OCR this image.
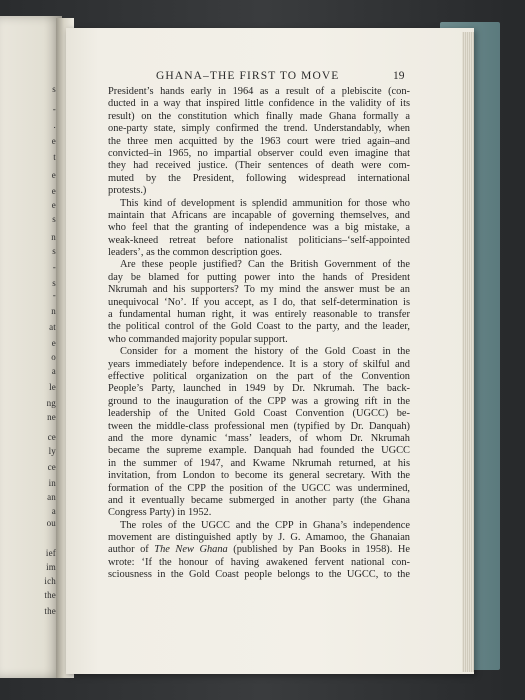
s
-
.
e
t
e
e
e
s
n
s
-
s
-
n
at
e
o
a
le
ng
ne
ce
ly
ce
in
an
a
ou
ief
im
ich
the
the
GHANA–THE FIRST TO MOVE	19
President’s hands early in 1964 as a result of a plebiscite (con-
ducted in a way that inspired little confidence in the validity of its
result) on the constitution which finally made Ghana formally a
one-party state, simply confirmed the trend. Understandably, when
the three men acquitted by the 1963 court were tried again–and
convicted–in 1965, no impartial observer could even imagine that
they had received justice. (Their sentences of death were com-
muted by the President, following widespread international
protests.)
This kind of development is splendid ammunition for those who
maintain that Africans are incapable of governing themselves, and
who feel that the granting of independence was a big mistake, a
weak-kneed retreat before nationalist politicians–‘self-appointed
leaders’, as the common description goes.
Are these people justified? Can the British Government of the
day be blamed for putting power into the hands of President
Nkrumah and his supporters? To my mind the answer must be an
unequivocal ‘No’. If you accept, as I do, that self-determination is
a fundamental human right, it was entirely reasonable to transfer
the political control of the Gold Coast to the party, and the leader,
who commanded majority popular support.
Consider for a moment the history of the Gold Coast in the
years immediately before independence. It is a story of skilful and
effective political organization on the part of the Convention
People’s Party, launched in 1949 by Dr. Nkrumah. The back-
ground to the inauguration of the CPP was a growing rift in the
leadership of the United Gold Coast Convention (UGCC) be-
tween the middle-class professional men (typified by Dr. Danquah)
and the more dynamic ‘mass’ leaders, of whom Dr. Nkrumah
became the supreme example. Danquah had founded the UGCC
in the summer of 1947, and Kwame Nkrumah returned, at his
invitation, from London to become its general secretary. With the
formation of the CPP the position of the UGCC was undermined,
and it eventually became submerged in another party (the Ghana
Congress Party) in 1952.
The roles of the UGCC and the CPP in Ghana’s independence
movement are distinguished aptly by J. G. Amamoo, the Ghanaian
author of The New Ghana (published by Pan Books in 1958). He
wrote: ‘If the honour of having awakened fervent national con-
sciousness in the Gold Coast people belongs to the UGCC, to the
